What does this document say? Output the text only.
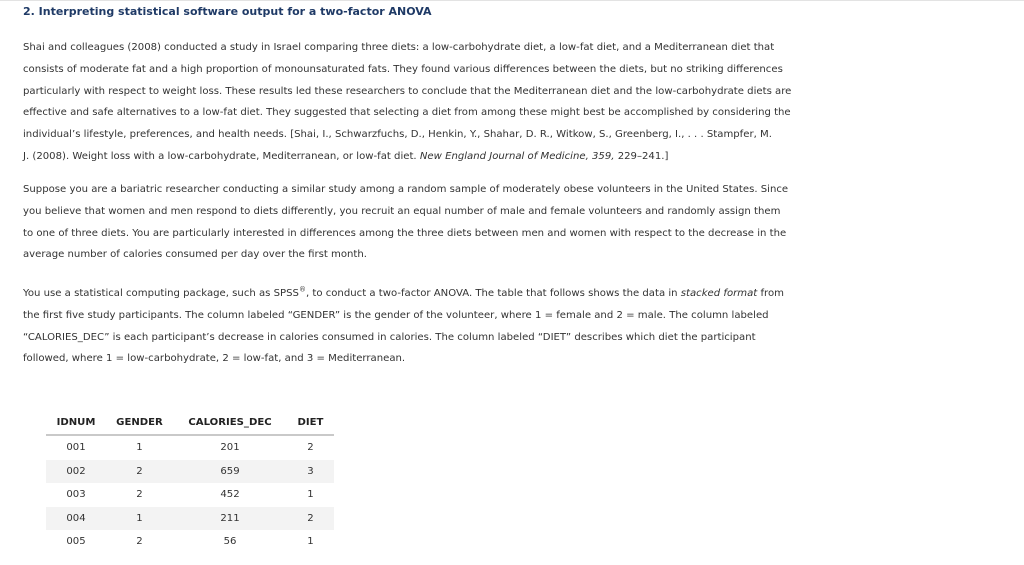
2. Interpreting statistical software output for a two-factor ANOVA

Shai and colleagues (2008) conducted a study in Israel comparing three diets: a low-carbohydrate diet, a low-fat diet, and a Mediterranean diet that
consists of moderate fat and a high proportion of monounsaturated fats. They found various differences between the diets, but no striking differences
particularly with respect to weight loss. These results led these researchers to conclude that the Mediterranean diet and the low-carbohydrate diets are
effective and safe alternatives to a low-fat diet. They suggested that selecting a diet from among these might best be accomplished by considering the
individual’s lifestyle, preferences, and health needs. [Shai, I., Schwarzfuchs, D., Henkin, Y., Shahar, D. R., Witkow, S., Greenberg, I., . . . Stampfer, M.
J. (2008). Weight loss with a low-carbohydrate, Mediterranean, or low-fat diet. New England Journal of Medicine, 359, 229–241.]

Suppose you are a bariatric researcher conducting a similar study among a random sample of moderately obese volunteers in the United States. Since
you believe that women and men respond to diets differently, you recruit an equal number of male and female volunteers and randomly assign them
to one of three diets. You are particularly interested in differences among the three diets between men and women with respect to the decrease in the
average number of calories consumed per day over the first month.

You use a statistical computing package, such as SPSS®, to conduct a two-factor ANOVA. The table that follows shows the data in stacked format from
the first five study participants. The column labeled “GENDER” is the gender of the volunteer, where 1 = female and 2 = male. The column labeled
“CALORIES_DEC” is each participant’s decrease in calories consumed in calories. The column labeled “DIET” describes which diet the participant
followed, where 1 = low-carbohydrate, 2 = low-fat, and 3 = Mediterranean.

IDNUM	GENDER	CALORIES_DEC	DIET
001	1	201	2
002	2	659	3
003	2	452	1
004	1	211	2
005	2	56	1
